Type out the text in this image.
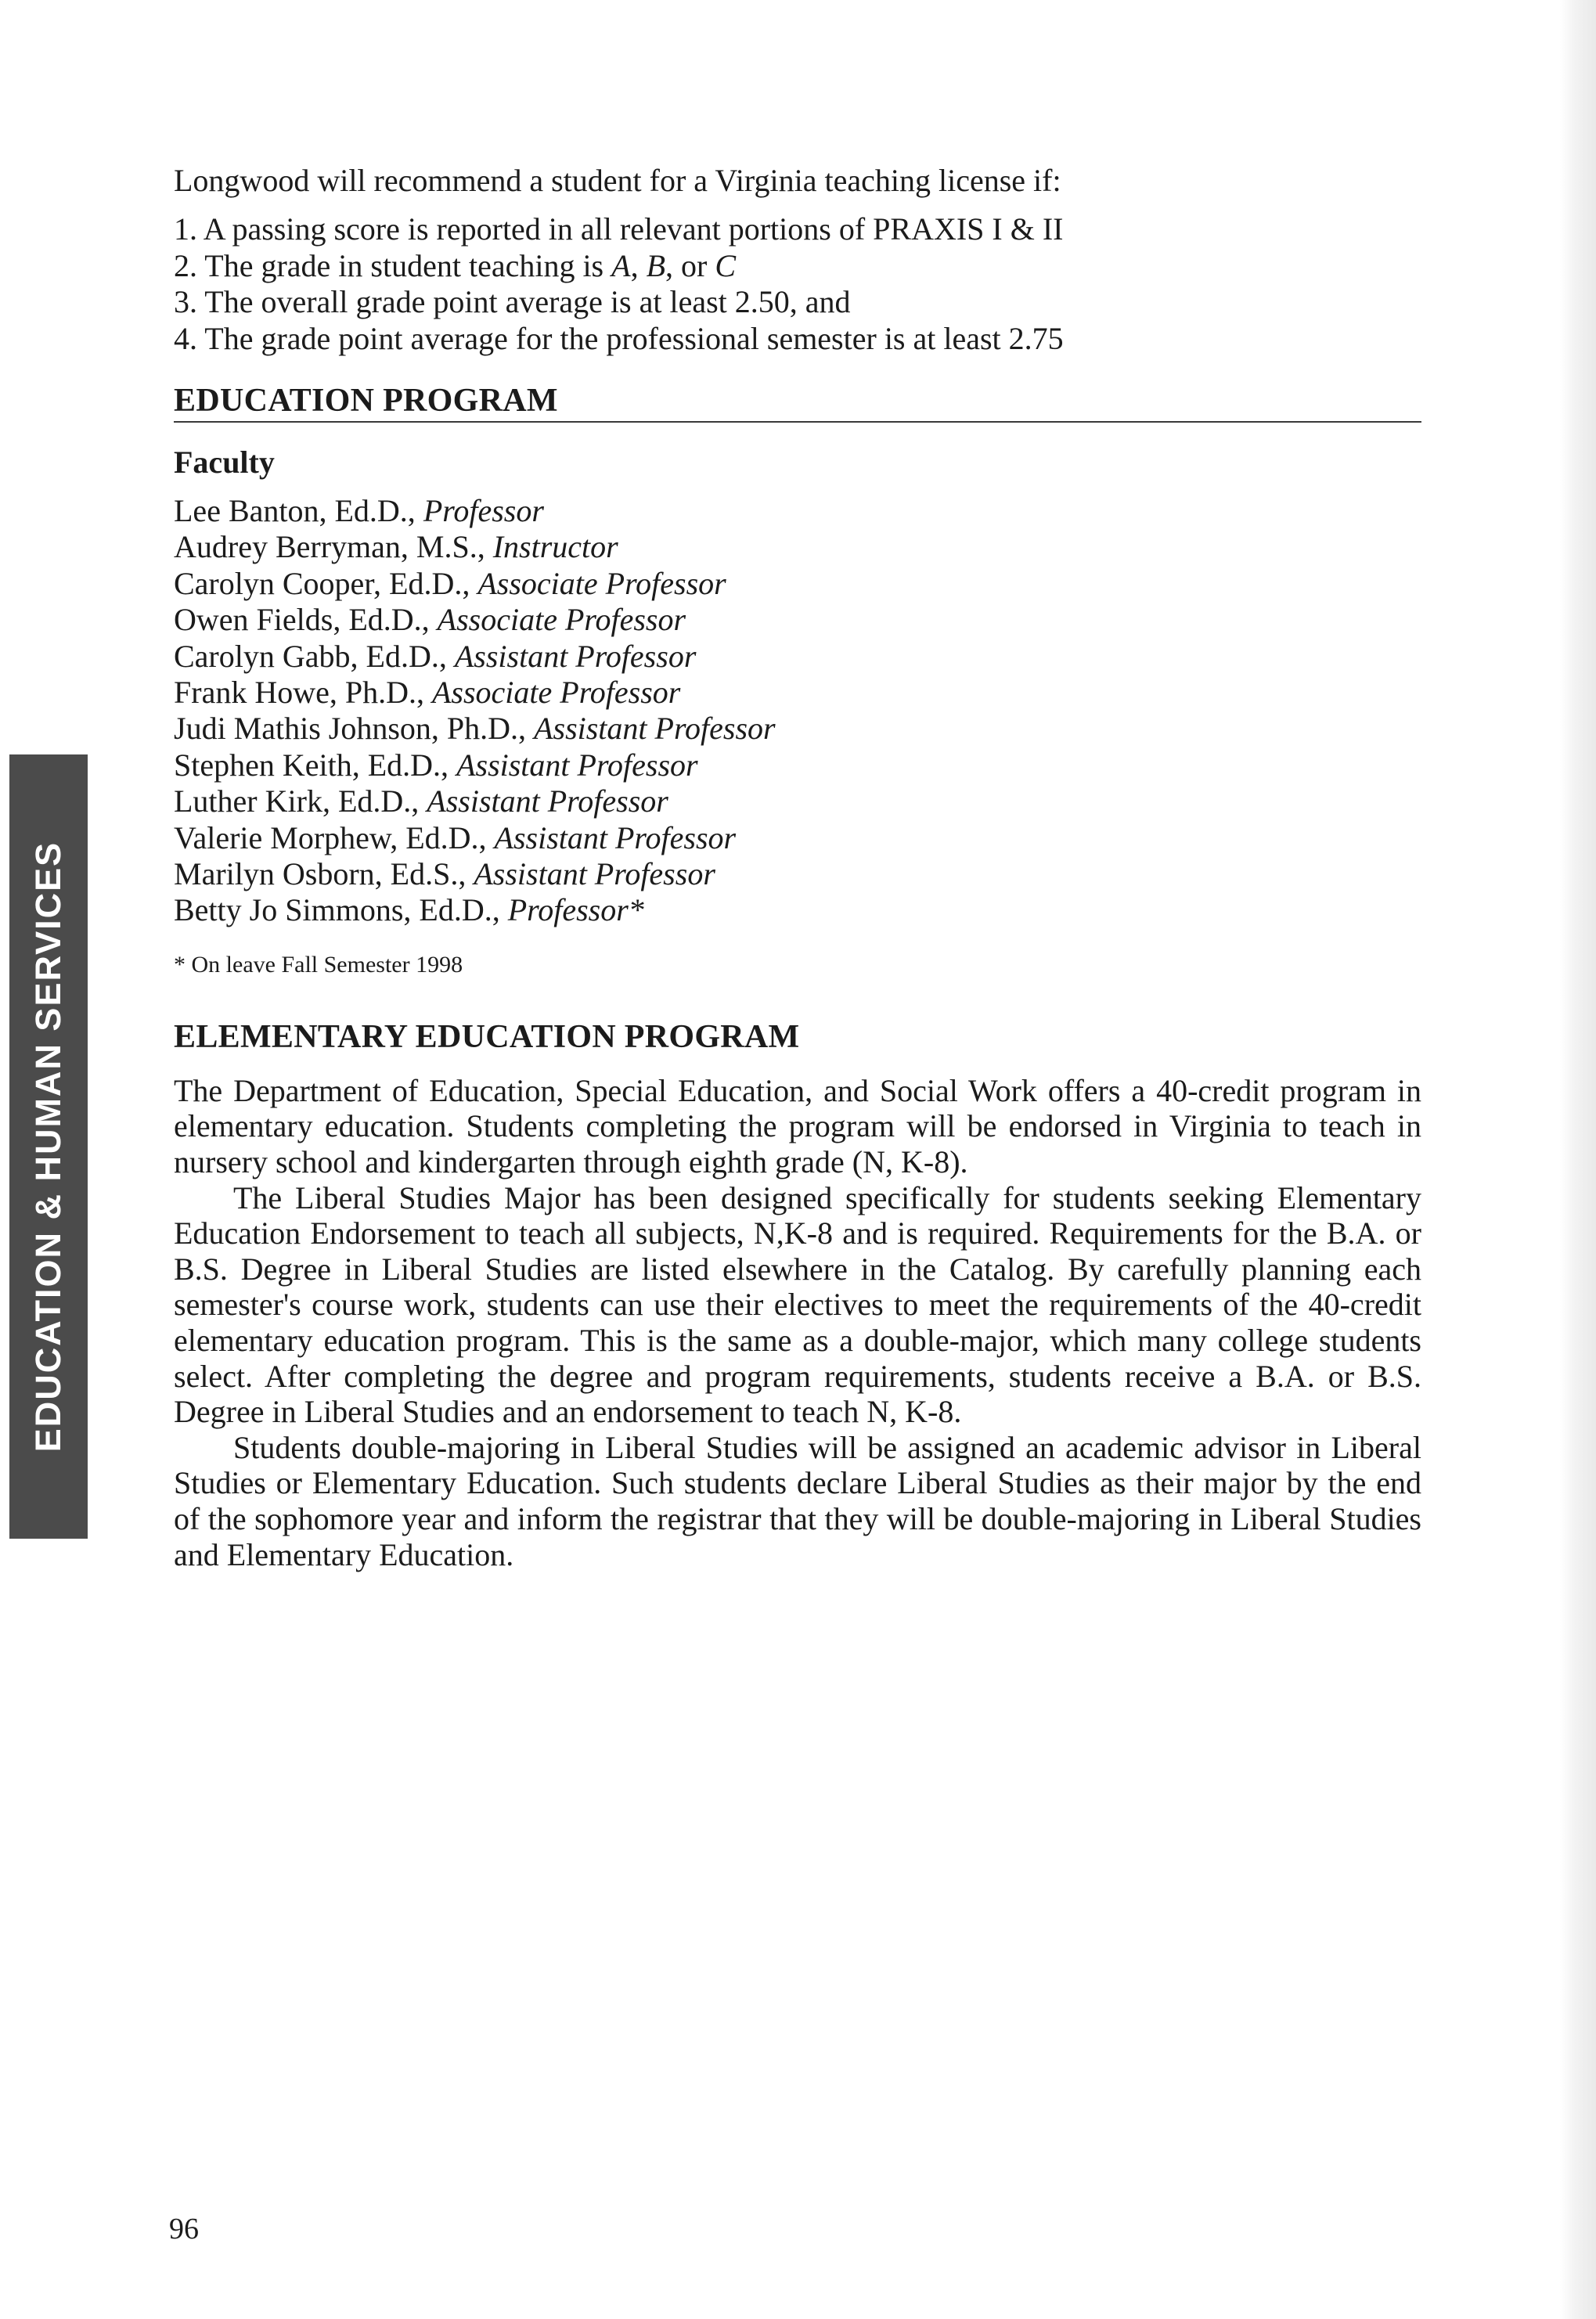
EDUCATION & HUMAN SERVICES

Longwood will recommend a student for a Virginia teaching license if:

1. A passing score is reported in all relevant portions of PRAXIS I & II
2. The grade in student teaching is A, B, or C
3. The overall grade point average is at least 2.50, and
4. The grade point average for the professional semester is at least 2.75
EDUCATION PROGRAM
Faculty
Lee Banton, Ed.D., Professor
Audrey Berryman, M.S., Instructor
Carolyn Cooper, Ed.D., Associate Professor
Owen Fields, Ed.D., Associate Professor
Carolyn Gabb, Ed.D., Assistant Professor
Frank Howe, Ph.D., Associate Professor
Judi Mathis Johnson, Ph.D., Assistant Professor
Stephen Keith, Ed.D., Assistant Professor
Luther Kirk, Ed.D., Assistant Professor
Valerie Morphew, Ed.D., Assistant Professor
Marilyn Osborn, Ed.S., Assistant Professor
Betty Jo Simmons, Ed.D., Professor*

* On leave Fall Semester 1998

ELEMENTARY EDUCATION PROGRAM

The Department of Education, Special Education, and Social Work offers a 40-credit program in elementary education. Students completing the program will be endorsed in Virginia to teach in nursery school and kindergarten through eighth grade (N, K-8).

The Liberal Studies Major has been designed specifically for students seeking Elementary Education Endorsement to teach all subjects, N,K-8 and is required. Requirements for the B.A. or B.S. Degree in Liberal Studies are listed elsewhere in the Catalog. By carefully planning each semester's course work, students can use their electives to meet the requirements of the 40-credit elementary education program. This is the same as a double-major, which many college students select. After completing the degree and program requirements, students receive a B.A. or B.S. Degree in Liberal Studies and an endorsement to teach N, K-8.

Students double-majoring in Liberal Studies will be assigned an academic advisor in Liberal Studies or Elementary Education. Such students declare Liberal Studies as their major by the end of the sophomore year and inform the registrar that they will be double-majoring in Liberal Studies and Elementary Education.

96
